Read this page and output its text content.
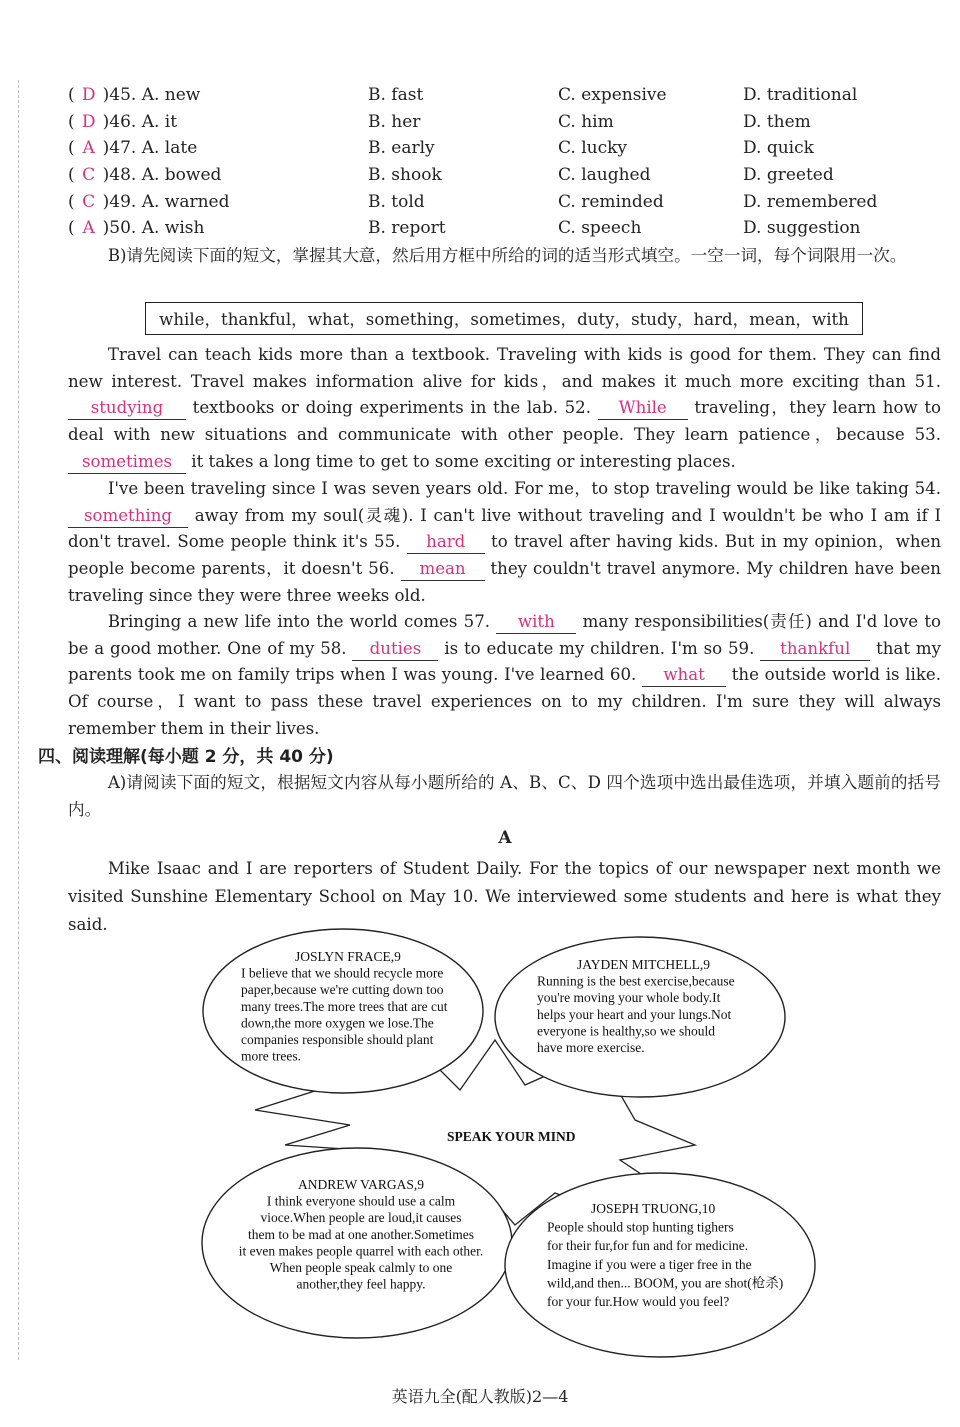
( D )45. A. new	B. fast	C. expensive	D. traditional
( D )46. A. it	B. her	C. him	D. them
( A )47. A. late	B. early	C. lucky	D. quick
( C )48. A. bowed	B. shook	C. laughed	D. greeted
( C )49. A. warned	B. told	C. reminded	D. remembered
( A )50. A. wish	B. report	C. speech	D. suggestion
B)请先阅读下面的短文，掌握其大意，然后用方框中所给的词的适当形式填空。一空一词，每个词限用一次。
while，thankful，what，something，sometimes，duty，study，hard，mean，with
Travel can teach kids more than a textbook. Traveling with kids is good for them. They can find new interest. Travel makes information alive for kids，and makes it much more exciting than 51. studying textbooks or doing experiments in the lab. 52. While traveling，they learn how to deal with new situations and communicate with other people. They learn patience，because 53. sometimes it takes a long time to get to some exciting or interesting places.
I've been traveling since I was seven years old. For me，to stop traveling would be like taking 54. something away from my soul(灵魂). I can't live without traveling and I wouldn't be who I am if I don't travel. Some people think it's 55. hard to travel after having kids. But in my opinion，when people become parents，it doesn't 56. mean they couldn't travel anymore. My children have been traveling since they were three weeks old.
Bringing a new life into the world comes 57. with many responsibilities(责任) and I'd love to be a good mother. One of my 58. duties is to educate my children. I'm so 59. thankful that my parents took me on family trips when I was young. I've learned 60. what the outside world is like. Of course，I want to pass these travel experiences on to my children. I'm sure they will always remember them in their lives.
四、阅读理解(每小题 2 分，共 40 分)
A)请阅读下面的短文，根据短文内容从每小题所给的 A、B、C、D 四个选项中选出最佳选项，并填入题前的括号内。
A
Mike Isaac and I are reporters of Student Daily. For the topics of our newspaper next month we visited Sunshine Elementary School on May 10. We interviewed some students and here is what they said.
SPEAK YOUR MIND
JOSLYN FRACE,9
I believe that we should recycle more
paper,because we're cutting down too
many trees.The more trees that are cut
down,the more oxygen we lose.The
companies responsible should plant
more trees.
JAYDEN MITCHELL,9
Running is the best exercise,because
you're moving your whole body.It
helps your heart and your lungs.Not
everyone is healthy,so we should
have more exercise.
ANDREW VARGAS,9
I think everyone should use a calm
vioce.When people are loud,it causes
them to be mad at one another.Sometimes
it even makes people quarrel with each other.
When people speak calmly to one
another,they feel happy.
JOSEPH TRUONG,10
People should stop hunting tighers
for their fur,for fun and for medicine.
Imagine if you were a tiger free in the
wild,and then... BOOM, you are shot(枪杀)
for your fur.How would you feel?
英语九全(配人教版)2—4
